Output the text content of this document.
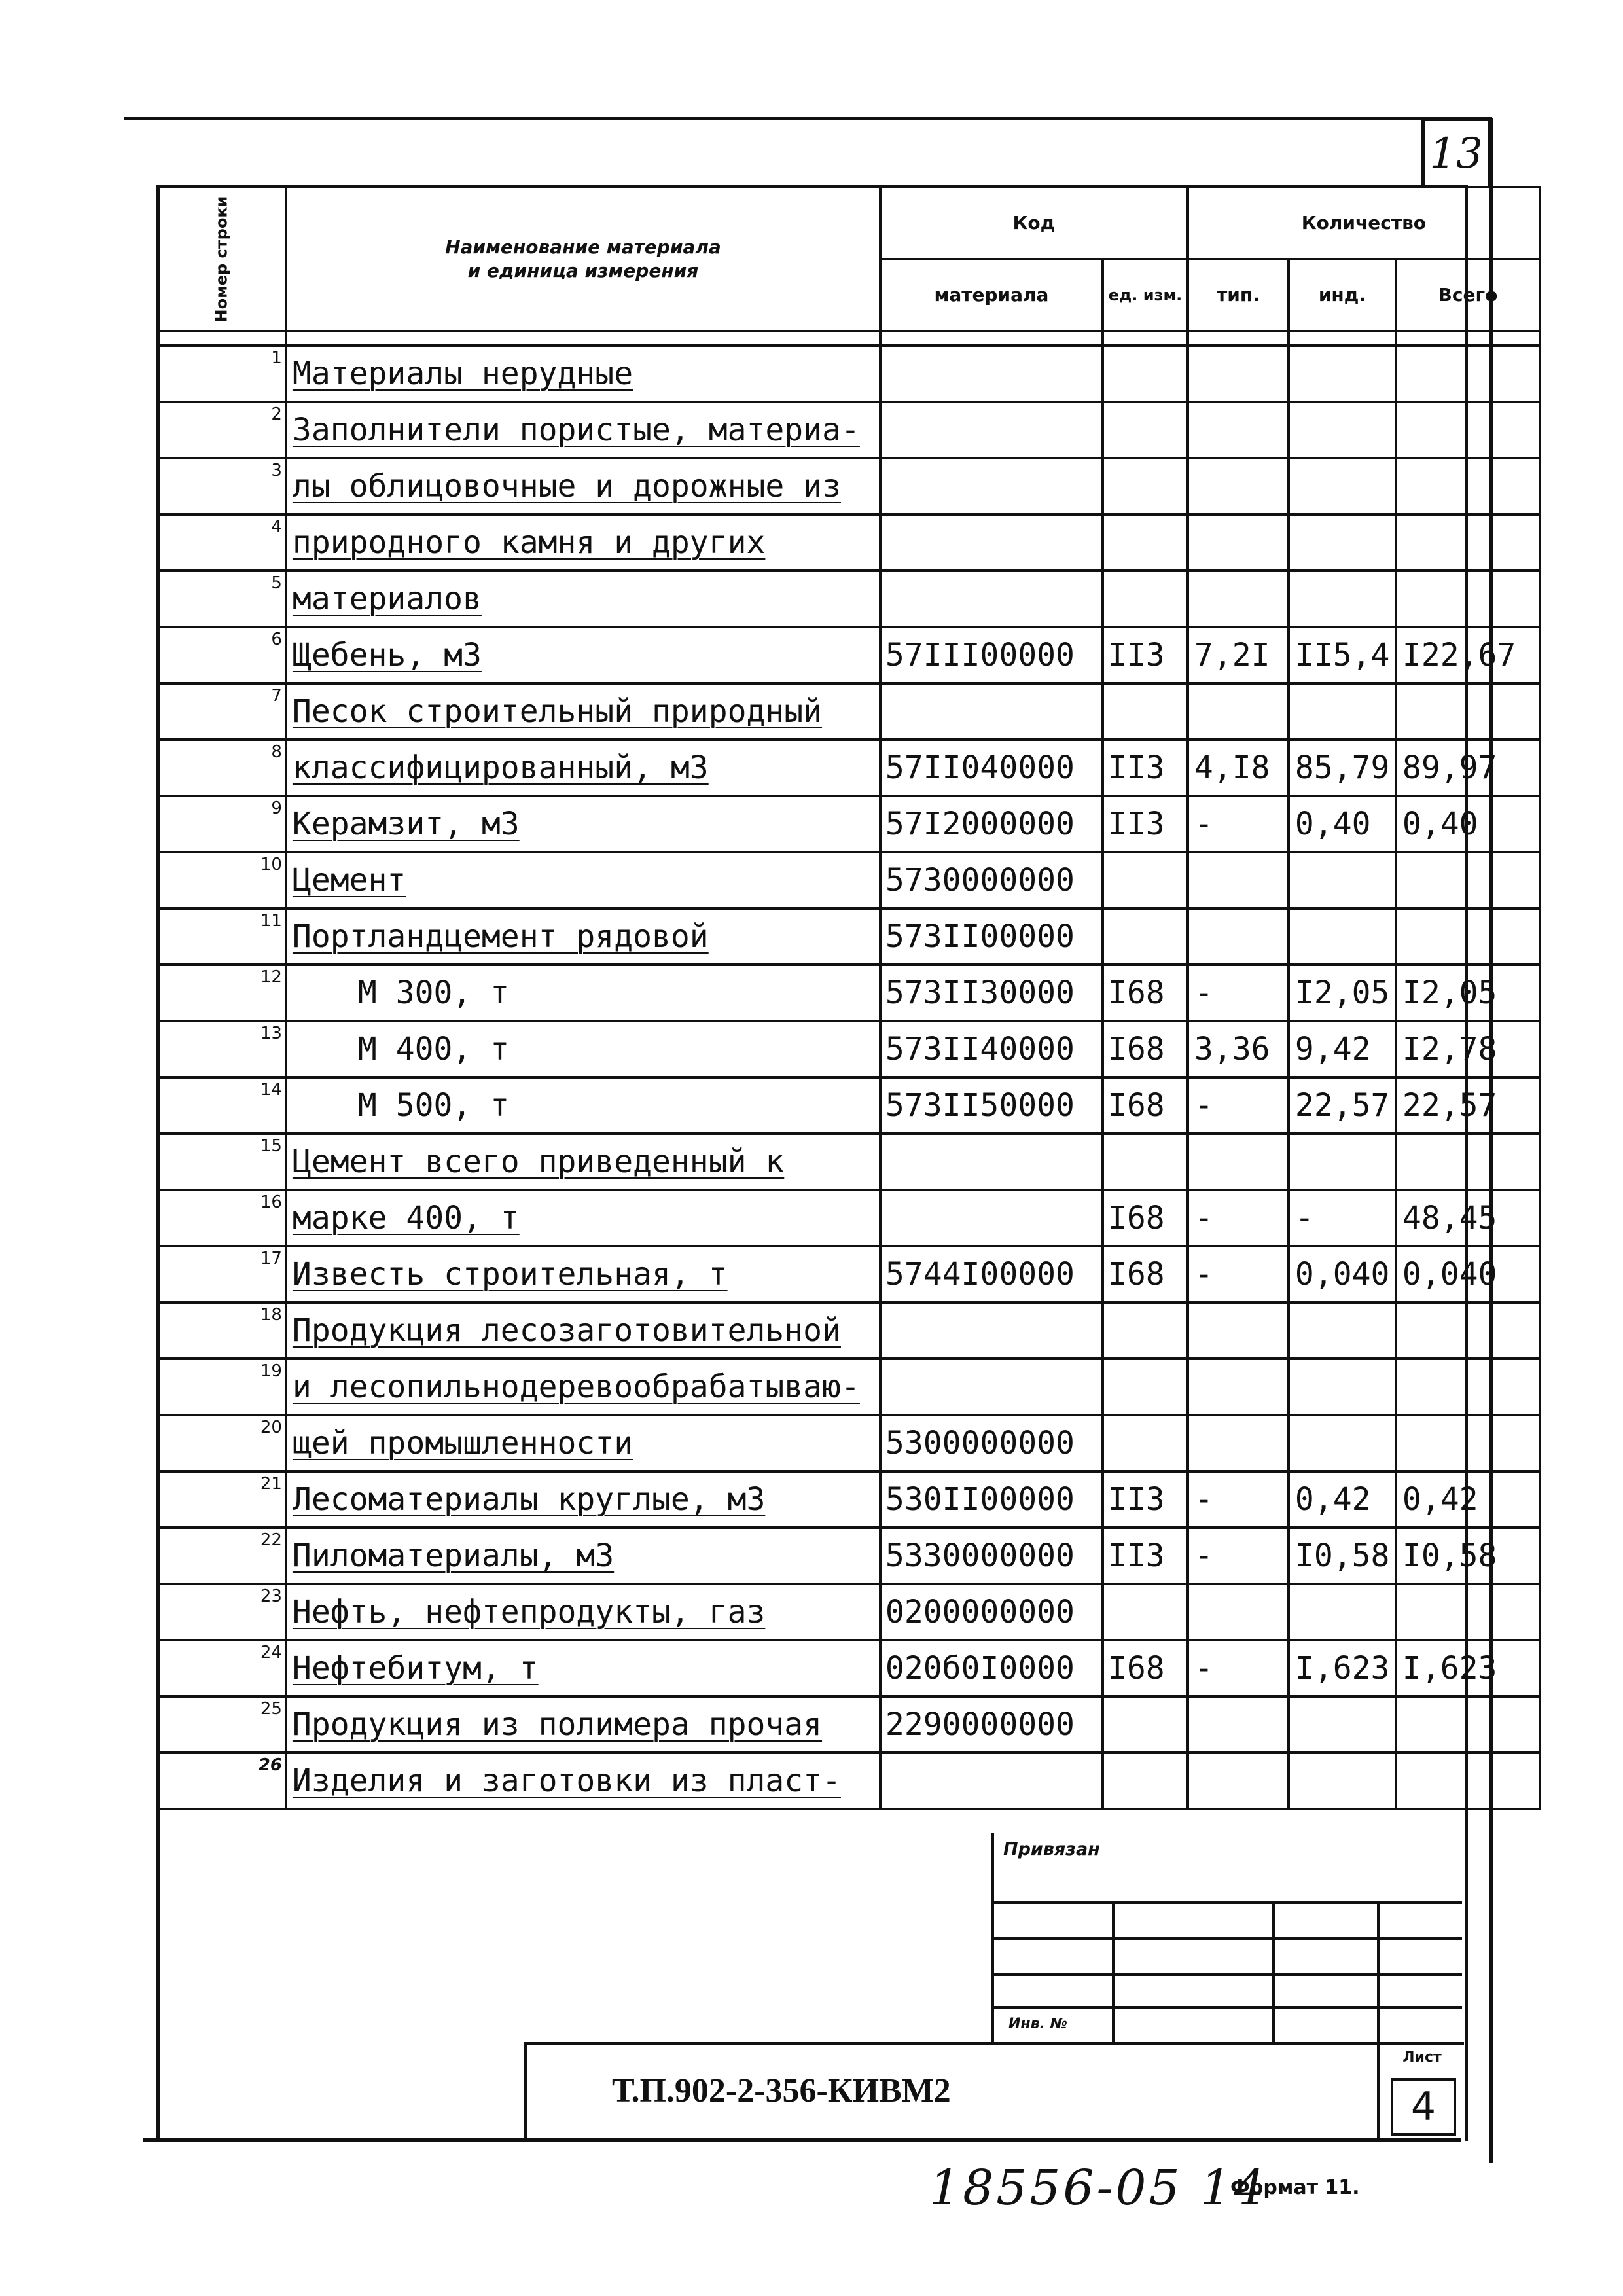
13
Номер строки	Наименование материала
и единица измерения	Код		Количество		
		материала	ед. изм.	тип.	инд.	Всего

1	Материалы нерудные					
2	Заполнители пористые, материа-					
3	лы облицовочные и дорожные из					
4	природного камня и других					
5	материалов					
6	Щебень, м3	57III00000	II3	7,2I	II5,4	I22,67
7	Песок строительный природный					
8	классифицированный, м3	57II040000	II3	4,I8	85,79	89,97
9	Керамзит, м3	57I2000000	II3	-	0,40	0,40
10	Цемент	5730000000				
11	Портландцемент рядовой	573II00000				
12	М 300, т	573II30000	I68	-	I2,05	I2,05
13	М 400, т	573II40000	I68	3,36	9,42	I2,78
14	М 500, т	573II50000	I68	-	22,57	22,57
15	Цемент всего приведенный к					
16	марке 400, т		I68	-	-	48,45
17	Известь строительная, т	5744I00000	I68	-	0,040	0,040
18	Продукция лесозаготовительной					
19	и лесопильнодеревообрабатываю-					
20	щей промышленности	5300000000				
21	Лесоматериалы круглые, м3	530II00000	II3	-	0,42	0,42
22	Пиломатериалы, м3	5330000000	II3	-	I0,58	I0,58
23	Нефть, нефтепродукты, газ	0200000000				
24	Нефтебитум, т	020б0I0000	I68	-	I,623	I,623
25	Продукция из полимера прочая	2290000000				
26	Изделия и заготовки из пласт-					
Привязан
Инв. №
Т.П.902-2-356-КИВМ2
Лист
4
18556-05 14
Формат 11.
